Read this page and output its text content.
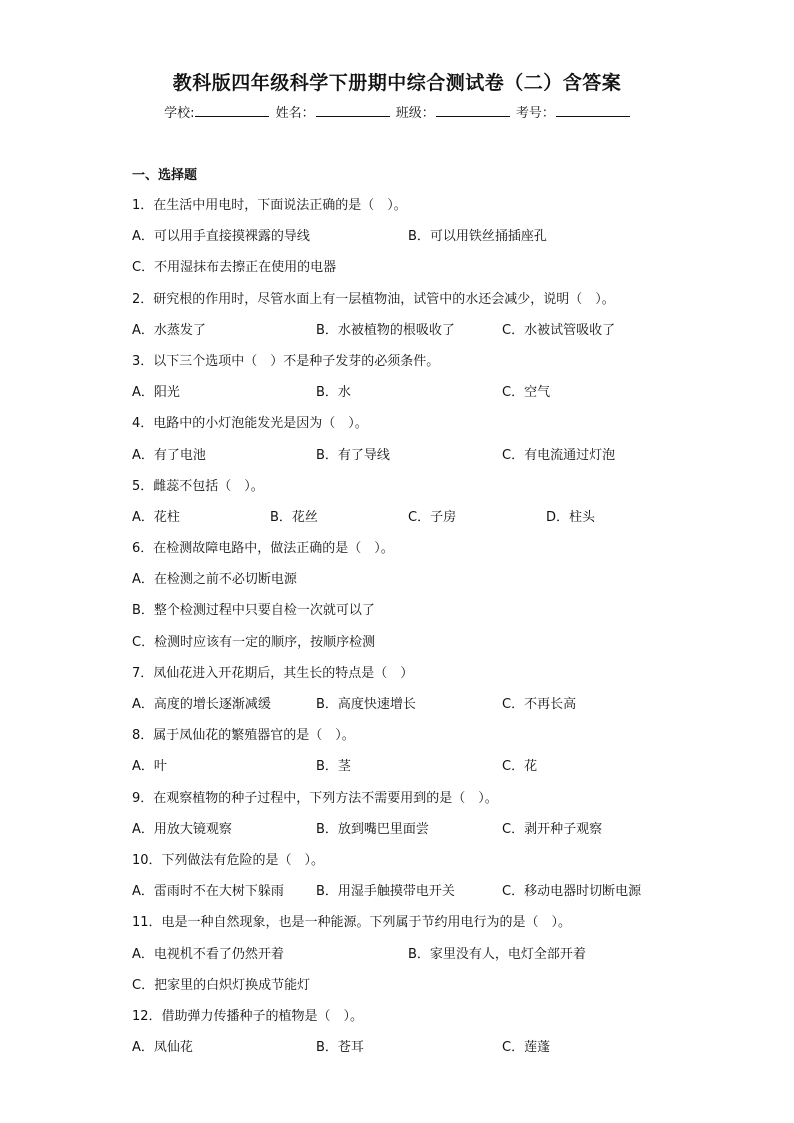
教科版四年级科学下册期中综合测试卷（二）含答案
学校:	姓名：	班级：	考号：
一、选择题
1．在生活中用电时，下面说法正确的是（　）。
A．可以用手直接摸裸露的导线	B．可以用铁丝捅插座孔
C．不用湿抹布去擦正在使用的电器
2．研究根的作用时，尽管水面上有一层植物油，试管中的水还会减少，说明（　）。
A．水蒸发了	B．水被植物的根吸收了	C．水被试管吸收了
3．以下三个选项中（　）不是种子发芽的必须条件。
A．阳光	B．水	C．空气
4．电路中的小灯泡能发光是因为（　）。
A．有了电池	B．有了导线	C．有电流通过灯泡
5．雌蕊不包括（　）。
A．花柱	B．花丝	C．子房	D．柱头
6．在检测故障电路中，做法正确的是（　）。
A．在检测之前不必切断电源
B．整个检测过程中只要自检一次就可以了
C．检测时应该有一定的顺序，按顺序检测
7．凤仙花进入开花期后，其生长的特点是（　）
A．高度的增长逐渐减缓	B．高度快速增长	C．不再长高
8．属于凤仙花的繁殖器官的是（　）。
A．叶	B．茎	C．花
9．在观察植物的种子过程中，下列方法不需要用到的是（　）。
A．用放大镜观察	B．放到嘴巴里面尝	C．剥开种子观察
10．下列做法有危险的是（　）。
A．雷雨时不在大树下躲雨 B．用湿手触摸带电开关	C．移动电器时切断电源
11．电是一种自然现象，也是一种能源。下列属于节约用电行为的是（　）。
A．电视机不看了仍然开着	B．家里没有人，电灯全部开着
C．把家里的白炽灯换成节能灯
12．借助弹力传播种子的植物是（　）。
A．凤仙花	B．苍耳	C．莲蓬
